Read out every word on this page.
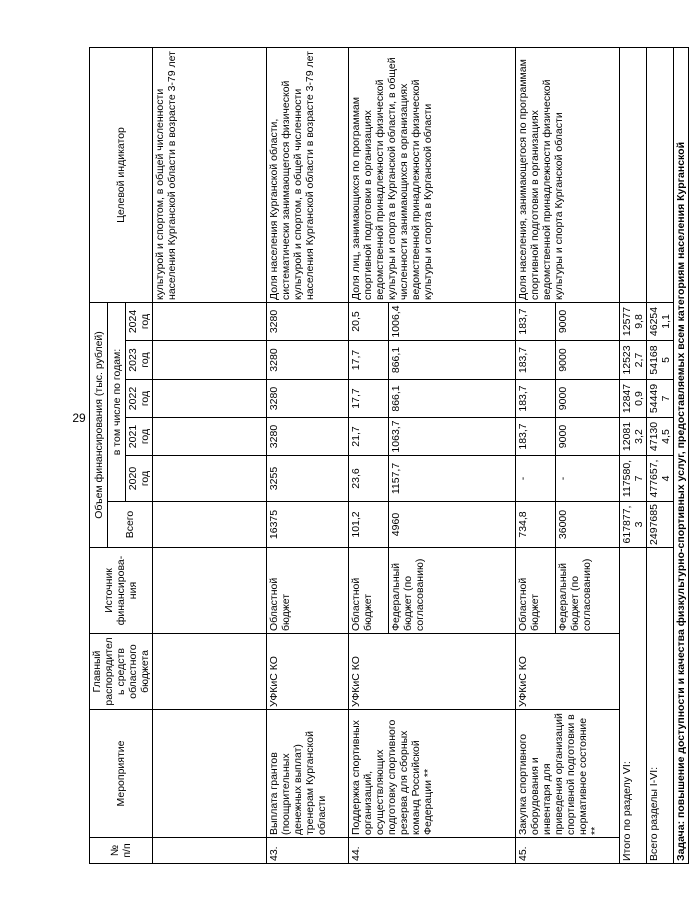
29
№ п/п	Мероприятие	Главный распорядитель средств областного бюджета	Источник финансирова-ния	Объем финансирования (тыс. рублей)						Целевой индикатор
				Всего	в том числе по годам:					
					2020 год	2021 год	2022 год	2023 год	2024 год	
										культурой и спортом, в общей численности населения Курганской области в возрасте 3-79 лет
43.	Выплата грантов (поощрительных денежных выплат) тренерам Курганской области	УФКиС КО	Областной бюджет	16375	3255	3280	3280	3280	3280	Доля населения Курганской области, систематически занимающегося физической культурой и спортом, в общей численности населения Курганской области в возрасте 3-79 лет
44.	Поддержка спортивных организаций, осуществляющих подготовку спортивного резерва для сборных команд Российской Федерации **	УФКиС КО	Областной бюджет	101,2	23,6	21,7	17,7	17,7	20,5	Доля лиц, занимающихся по программам спортивной подготовки в организациях ведомственной принадлежности физической культуры и спорта в Курганской области, в общей численности занимающихся в организациях ведомственной принадлежности физической культуры и спорта в Курганской области
			Федеральный бюджет (по согласованию)	4960	1157,7	1063,7	866,1	866,1	1006,4	
45.	Закупка спортивного оборудования и инвентаря для приведения организаций спортивной подготовки в нормативное состояние **	УФКиС КО	Областной бюджет	734,8	-	183,7	183,7	183,7	183,7	Доля населения, занимающегося по программам спортивной подготовки в организациях ведомственной принадлежности физической культуры и спорта Курганской области
			Федеральный бюджет (по согласованию)	36000	-	9000	9000	9000	9000	
Итого по разделу VI:				617877,3	117580,7	120813,2	128470,9	125232,7	125779,8	
Всего разделы I-VI:				2497685	477657,4	471304,5	544497	541685	462541,1	
Задача: повышение доступности и качества физкультурно-спортивных услуг, предоставляемых всем категориям населения Курганской										
